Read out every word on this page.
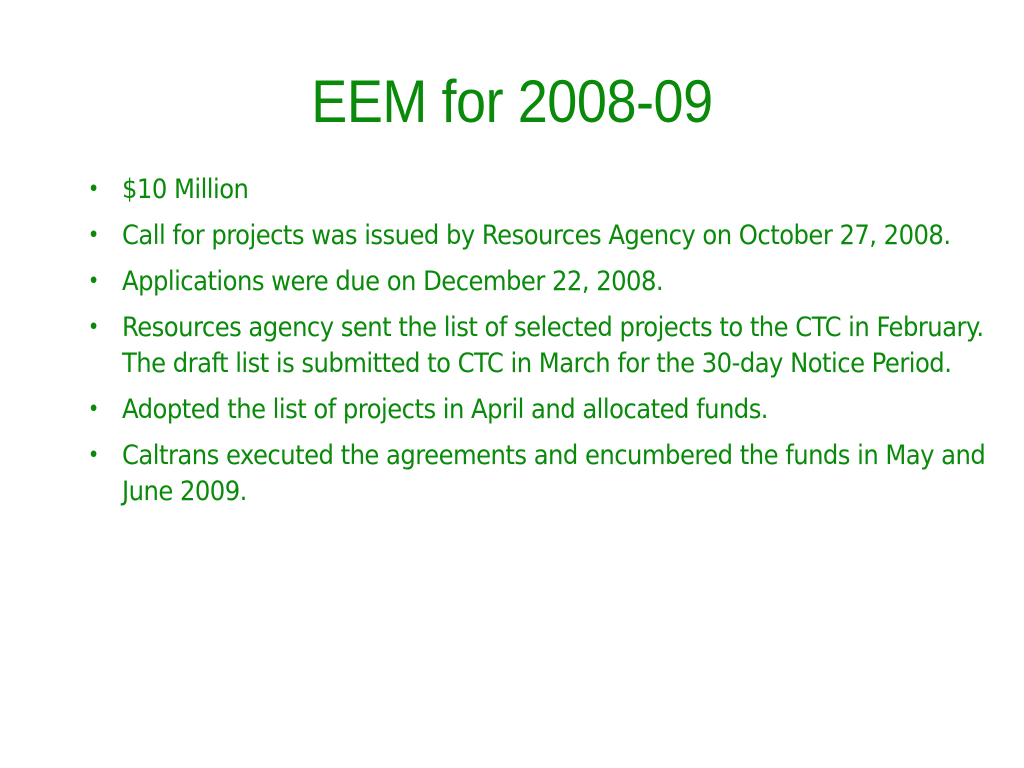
EEM for 2008-09
• $10 Million
• Call for projects was issued by Resources Agency on October 27, 2008.
• Applications were due on December 22, 2008.
• Resources agency sent the list of selected projects to the CTC in February. The draft list is submitted to CTC in March for the 30-day Notice Period.
• Adopted the list of projects in April and allocated funds.
• Caltrans executed the agreements and encumbered the funds in May and June 2009.
